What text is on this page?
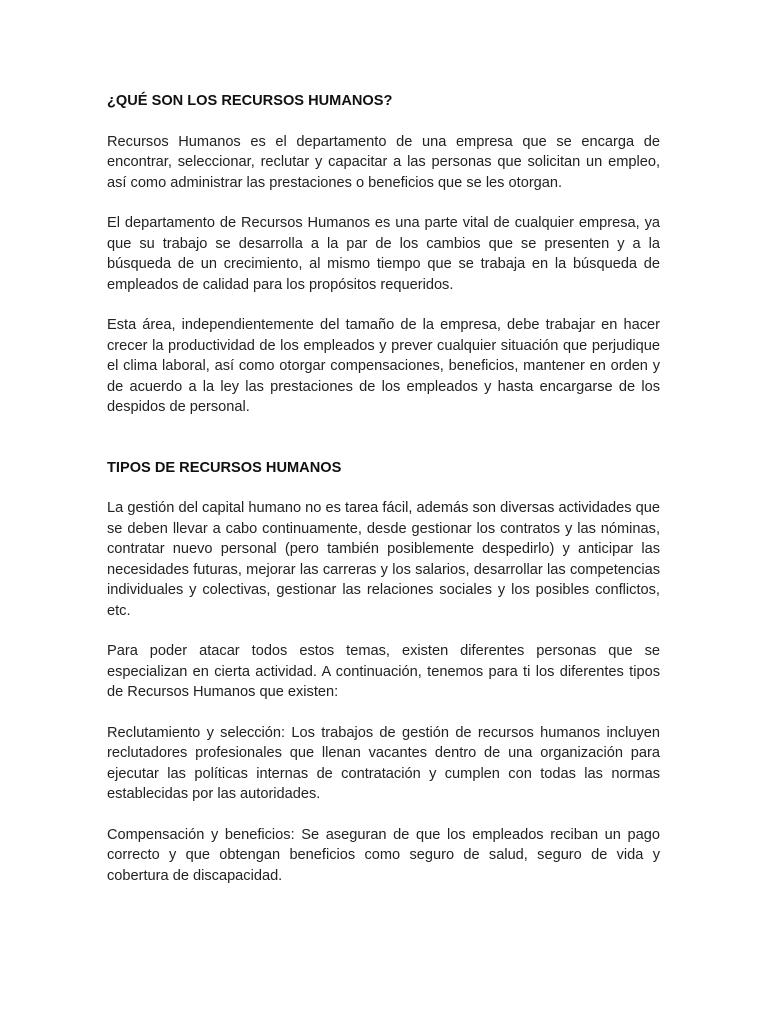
¿QUÉ SON LOS RECURSOS HUMANOS?

Recursos Humanos es el departamento de una empresa que se encarga de encontrar, seleccionar, reclutar y capacitar a las personas que solicitan un empleo, así como administrar las prestaciones o beneficios que se les otorgan.

El departamento de Recursos Humanos es una parte vital de cualquier empresa, ya que su trabajo se desarrolla a la par de los cambios que se presenten y a la búsqueda de un crecimiento, al mismo tiempo que se trabaja en la búsqueda de empleados de calidad para los propósitos requeridos.

Esta área, independientemente del tamaño de la empresa, debe trabajar en hacer crecer la productividad de los empleados y prever cualquier situación que perjudique el clima laboral, así como otorgar compensaciones, beneficios, mantener en orden y de acuerdo a la ley las prestaciones de los empleados y hasta encargarse de los despidos de personal.

TIPOS DE RECURSOS HUMANOS

La gestión del capital humano no es tarea fácil, además son diversas actividades que se deben llevar a cabo continuamente, desde gestionar los contratos y las nóminas, contratar nuevo personal (pero también posiblemente despedirlo) y anticipar las necesidades futuras, mejorar las carreras y los salarios, desarrollar las competencias individuales y colectivas, gestionar las relaciones sociales y los posibles conflictos, etc.

Para poder atacar todos estos temas, existen diferentes personas que se especializan en cierta actividad. A continuación, tenemos para ti los diferentes tipos de Recursos Humanos que existen:

Reclutamiento y selección: Los trabajos de gestión de recursos humanos incluyen reclutadores profesionales que llenan vacantes dentro de una organización para ejecutar las políticas internas de contratación y cumplen con todas las normas establecidas por las autoridades.

Compensación y beneficios: Se aseguran de que los empleados reciban un pago correcto y que obtengan beneficios como seguro de salud, seguro de vida y cobertura de discapacidad.
